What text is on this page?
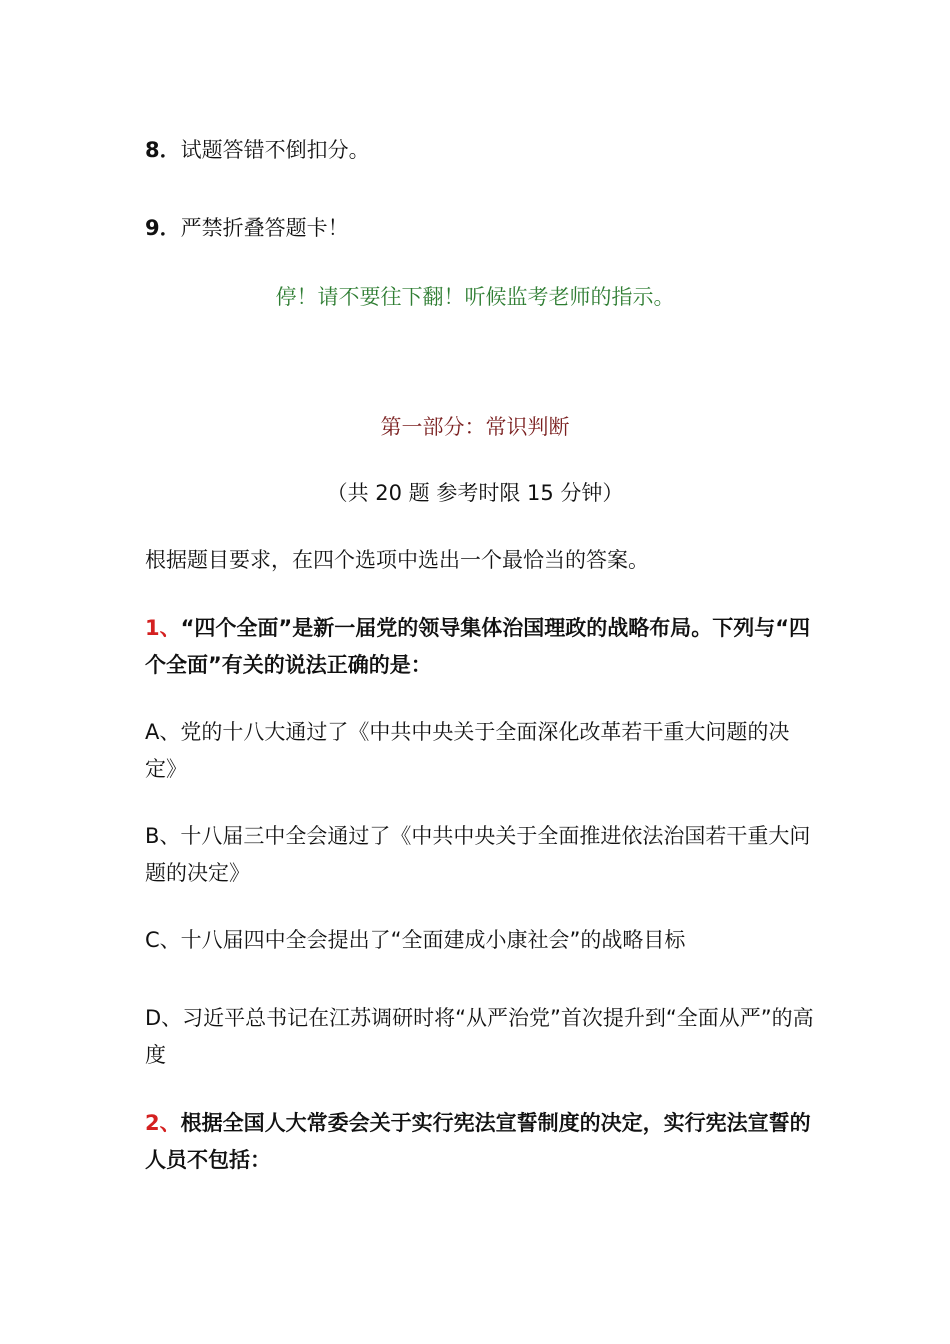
8．试题答错不倒扣分。
9．严禁折叠答题卡！
停！请不要往下翻！听候监考老师的指示。
第一部分：常识判断
（共 20 题 参考时限 15 分钟）
根据题目要求，在四个选项中选出一个最恰当的答案。
1、“四个全面”是新一届党的领导集体治国理政的战略布局。下列与“四个全面”有关的说法正确的是：
A、党的十八大通过了《中共中央关于全面深化改革若干重大问题的决定》
B、十八届三中全会通过了《中共中央关于全面推进依法治国若干重大问题的决定》
C、十八届四中全会提出了“全面建成小康社会”的战略目标
D、习近平总书记在江苏调研时将“从严治党”首次提升到“全面从严”的高度
2、根据全国人大常委会关于实行宪法宣誓制度的决定，实行宪法宣誓的人员不包括：
